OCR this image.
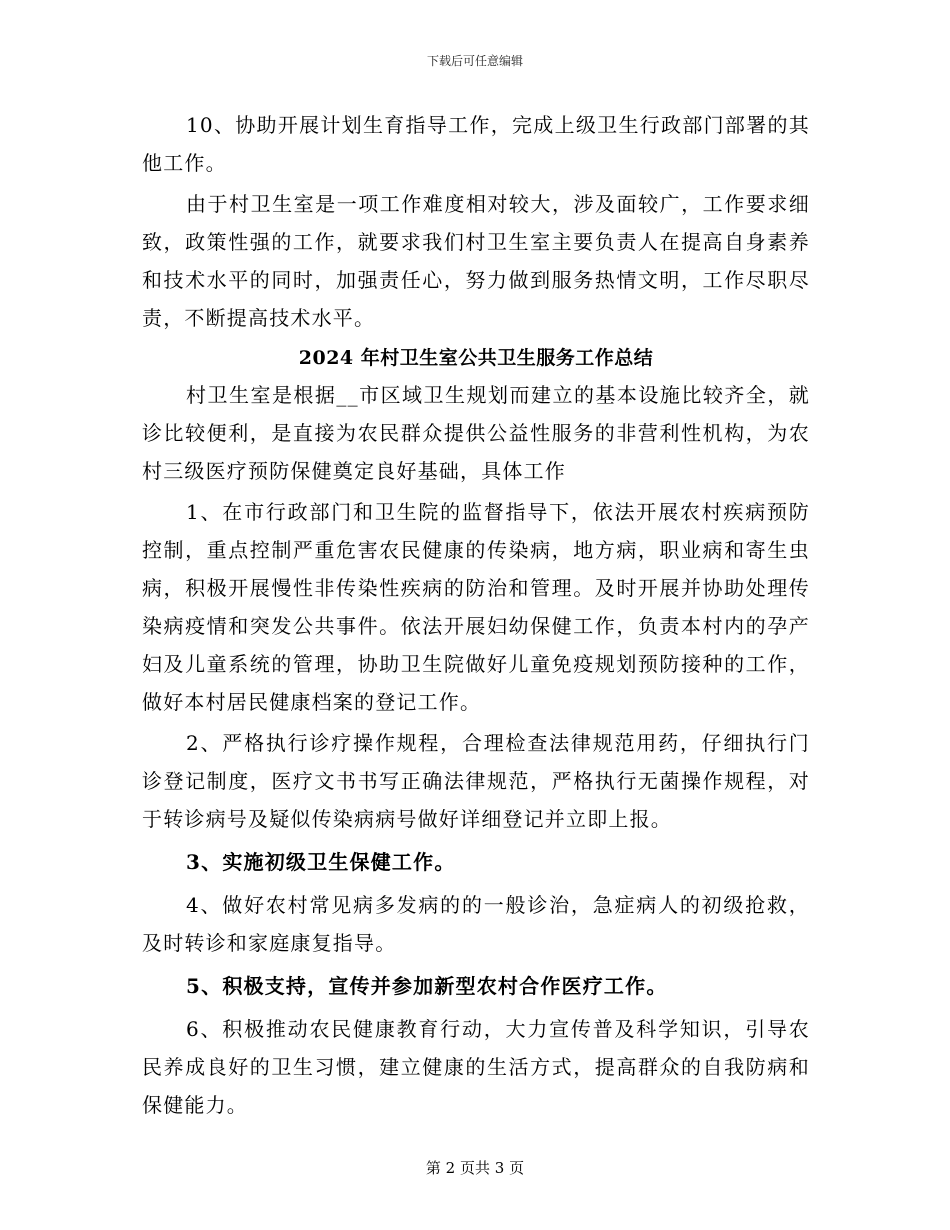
下载后可任意编辑

10、协助开展计划生育指导工作，完成上级卫生行政部门部署的其他工作。

由于村卫生室是一项工作难度相对较大，涉及面较广，工作要求细致，政策性强的工作，就要求我们村卫生室主要负责人在提高自身素养和技术水平的同时，加强责任心，努力做到服务热情文明，工作尽职尽责，不断提高技术水平。

2024 年村卫生室公共卫生服务工作总结

村卫生室是根据__市区域卫生规划而建立的基本设施比较齐全，就诊比较便利，是直接为农民群众提供公益性服务的非营利性机构，为农村三级医疗预防保健奠定良好基础，具体工作

1、在市行政部门和卫生院的监督指导下，依法开展农村疾病预防控制，重点控制严重危害农民健康的传染病，地方病，职业病和寄生虫病，积极开展慢性非传染性疾病的防治和管理。及时开展并协助处理传染病疫情和突发公共事件。依法开展妇幼保健工作，负责本村内的孕产妇及儿童系统的管理，协助卫生院做好儿童免疫规划预防接种的工作，做好本村居民健康档案的登记工作。

2、严格执行诊疗操作规程，合理检查法律规范用药，仔细执行门诊登记制度，医疗文书书写正确法律规范，严格执行无菌操作规程，对于转诊病号及疑似传染病病号做好详细登记并立即上报。

3、实施初级卫生保健工作。

4、做好农村常见病多发病的的一般诊治，急症病人的初级抢救，及时转诊和家庭康复指导。

5、积极支持，宣传并参加新型农村合作医疗工作。

6、积极推动农民健康教育行动，大力宣传普及科学知识，引导农民养成良好的卫生习惯，建立健康的生活方式，提高群众的自我防病和保健能力。

第 2 页共 3 页
